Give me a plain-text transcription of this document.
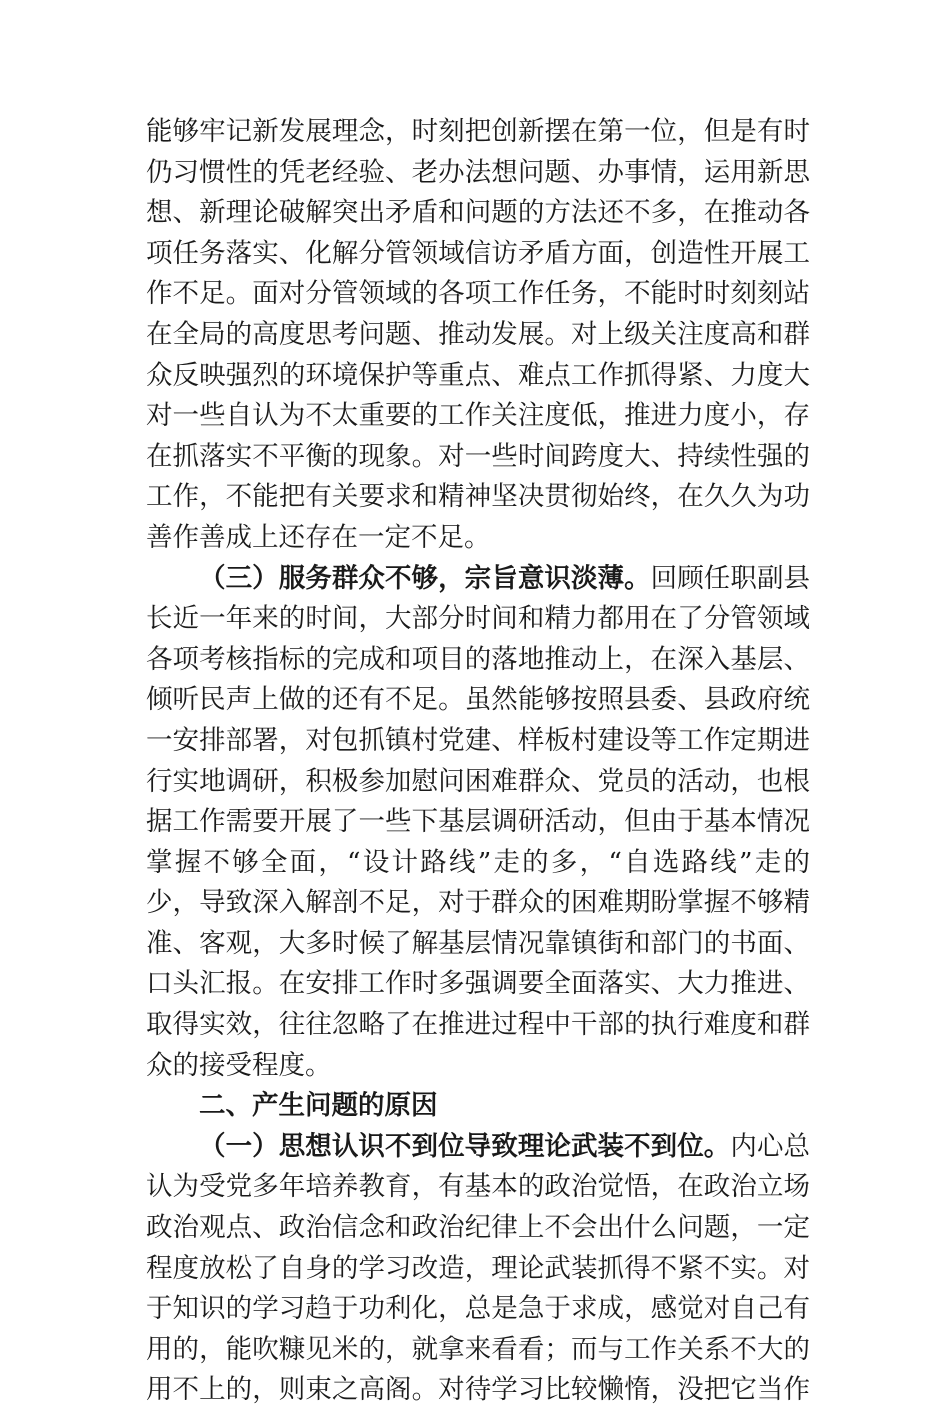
能够牢记新发展理念，时刻把创新摆在第一位，但是有时
仍习惯性的凭老经验、老办法想问题、办事情，运用新思
想、新理论破解突出矛盾和问题的方法还不多，在推动各
项任务落实、化解分管领域信访矛盾方面，创造性开展工
作不足。面对分管领域的各项工作任务，不能时时刻刻站
在全局的高度思考问题、推动发展。对上级关注度高和群
众反映强烈的环境保护等重点、难点工作抓得紧、力度大
对一些自认为不太重要的工作关注度低，推进力度小，存
在抓落实不平衡的现象。对一些时间跨度大、持续性强的
工作，不能把有关要求和精神坚决贯彻始终，在久久为功
善作善成上还存在一定不足。
（三）服务群众不够，宗旨意识淡薄。回顾任职副县
长近一年来的时间，大部分时间和精力都用在了分管领域
各项考核指标的完成和项目的落地推动上，在深入基层、
倾听民声上做的还有不足。虽然能够按照县委、县政府统
一安排部署，对包抓镇村党建、样板村建设等工作定期进
行实地调研，积极参加慰问困难群众、党员的活动，也根
据工作需要开展了一些下基层调研活动，但由于基本情况
掌握不够全面，“设计路线”走的多，“自选路线”走的
少，导致深入解剖不足，对于群众的困难期盼掌握不够精
准、客观，大多时候了解基层情况靠镇街和部门的书面、
口头汇报。在安排工作时多强调要全面落实、大力推进、
取得实效，往往忽略了在推进过程中干部的执行难度和群
众的接受程度。
二、产生问题的原因
（一）思想认识不到位导致理论武装不到位。内心总
认为受党多年培养教育，有基本的政治觉悟，在政治立场
政治观点、政治信念和政治纪律上不会出什么问题，一定
程度放松了自身的学习改造，理论武装抓得不紧不实。对
于知识的学习趋于功利化，总是急于求成，感觉对自己有
用的，能吹糠见米的，就拿来看看；而与工作关系不大的
用不上的，则束之高阁。对待学习比较懒惰，没把它当作
